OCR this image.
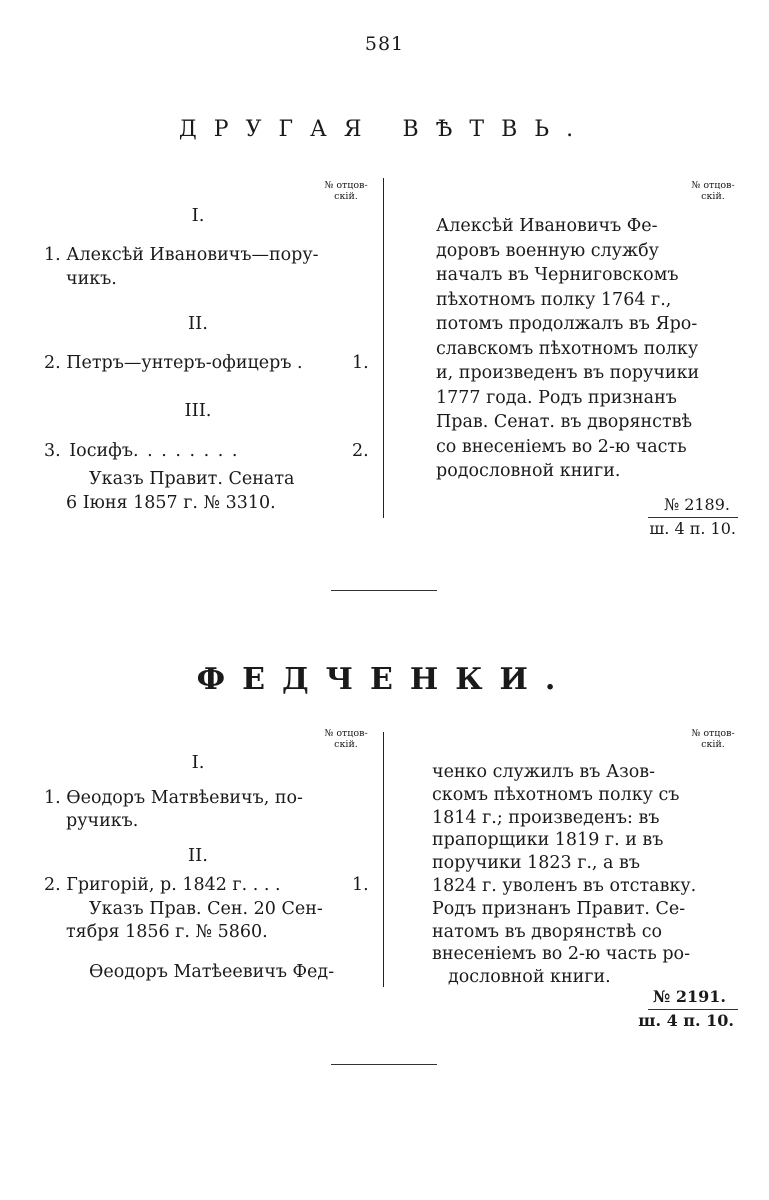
581
ДРУГАЯ ВѢТВЬ.
№ отцов-
скій.
№ отцов-
скій.
I.
1. Алексѣй Ивановичъ—пору-
чикъ.
II.
2. Петръ—унтеръ-офицеръ .	1.
III.
3. Іосифъ. . . . . . . .	2.
Указъ Правит. Сената
6 Іюня 1857 г. № 3310.
Алексѣй Ивановичъ Фе-
доровъ военную службу
началъ въ Черниговскомъ
пѣхотномъ полку 1764 г.,
потомъ продолжалъ въ Яро-
славскомъ пѣхотномъ полку
и, произведенъ въ поручики
1777 года. Родъ признанъ
Прав. Сенат. въ дворянствѣ
со внесеніемъ во 2-ю часть
родословной книги.
№ 2189.
ш. 4 п. 10.
ФЕДЧЕНКИ.
№ отцов-
скій.
№ отцов-
скій.
I.
1. Ѳеодоръ Матвѣевичъ, по-
ручикъ.
II.
2. Григорій, р. 1842 г. . . .	1.
Указъ Прав. Сен. 20 Сен-
тября 1856 г. № 5860.
Ѳеодоръ Матѣеевичъ Фед-
ченко служилъ въ Азов-
скомъ пѣхотномъ полку съ
1814 г.; произведенъ: въ
прапорщики 1819 г. и въ
поручики 1823 г., а въ
1824 г. уволенъ въ отставку.
Родъ признанъ Правит. Се-
натомъ въ дворянствѣ со
внесеніемъ во 2-ю часть ро-
дословной книги.
№ 2191.
ш. 4 п. 10.
